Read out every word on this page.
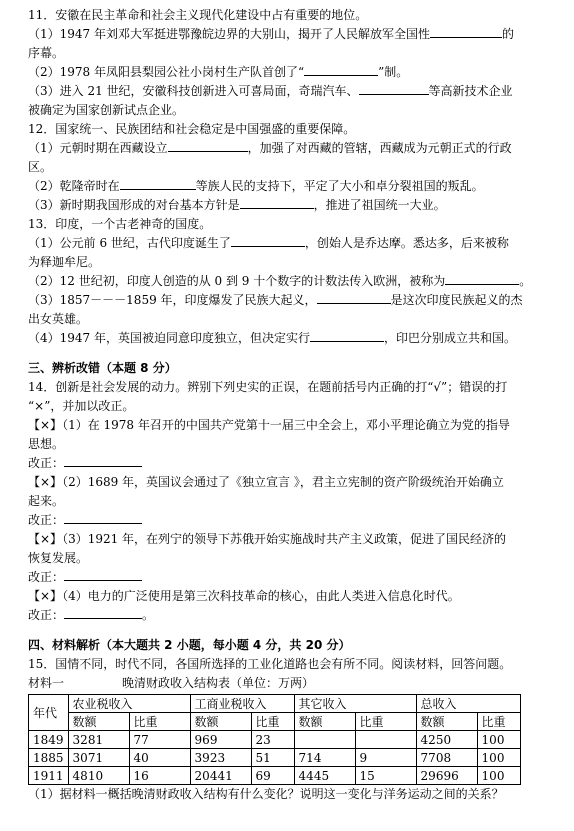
11．安徽在民主革命和社会主义现代化建设中占有重要的地位。

（1）1947 年刘邓大军挺进鄂豫皖边界的大别山，揭开了人民解放军全国性	的

序幕。

（2）1978 年凤阳县梨园公社小岗村生产队首创了“	”制。

（3）进入 21 世纪，安徽科技创新进入可喜局面，奇瑞汽车、	等高新技术企业

被确定为国家创新试点企业。

12．国家统一、民族团结和社会稳定是中国强盛的重要保障。

（1）元朝时期在西藏设立	，加强了对西藏的管辖，西藏成为元朝正式的行政

区。

（2）乾隆帝时在	等族人民的支持下，平定了大小和卓分裂祖国的叛乱。

（3）新时期我国形成的对台基本方针是	，推进了祖国统一大业。

13．印度，一个古老神奇的国度。

（1）公元前 6 世纪，古代印度诞生了	，创始人是乔达摩。悉达多，后来被称

为释迦牟尼。

（2）12 世纪初，印度人创造的从 0 到 9 十个数字的计数法传入欧洲，被称为	。

（3）1857－－－1859 年，印度爆发了民族大起义，	是这次印度民族起义的杰

出女英雄。

（4）1947 年，英国被迫同意印度独立，但决定实行	，印巴分别成立共和国。

三、辨析改错（本题 8 分）

14．创新是社会发展的动力。辨别下列史实的正误，在题前括号内正确的打“√”；错误的打

“×”，并加以改正。

【×】（1）在 1978 年召开的中国共产党第十一届三中全会上，邓小平理论确立为党的指导

思想。

改正：

【×】（2）1689 年，英国议会通过了《独立宣言 》，君主立宪制的资产阶级统治开始确立

起来。

改正：

【×】（3）1921 年，在列宁的领导下苏俄开始实施战时共产主义政策，促进了国民经济的

恢复发展。

改正：

【×】（4）电力的广泛使用是第三次科技革命的核心，由此人类进入信息化时代。

改正：	。

四、材料解析（本大题共 2 小题，每小题 4 分，共 20 分）

15．国情不同，时代不同，各国所选择的工业化道路也会有所不同。阅读材料，回答问题。

材料一	晚清财政收入结构表（单位：万两）

年代	农业税收入		工商业税收入		其它收入		总收入	
	数额	比重	数额	比重	数额	比重	数额	比重
1849	3281	77	969	23			4250	100
1885	3071	40	3923	51	714	9	7708	100
1911	4810	16	20441	69	4445	15	29696	100

（1）据材料一概括晚清财政收入结构有什么变化？说明这一变化与洋务运动之间的关系？
